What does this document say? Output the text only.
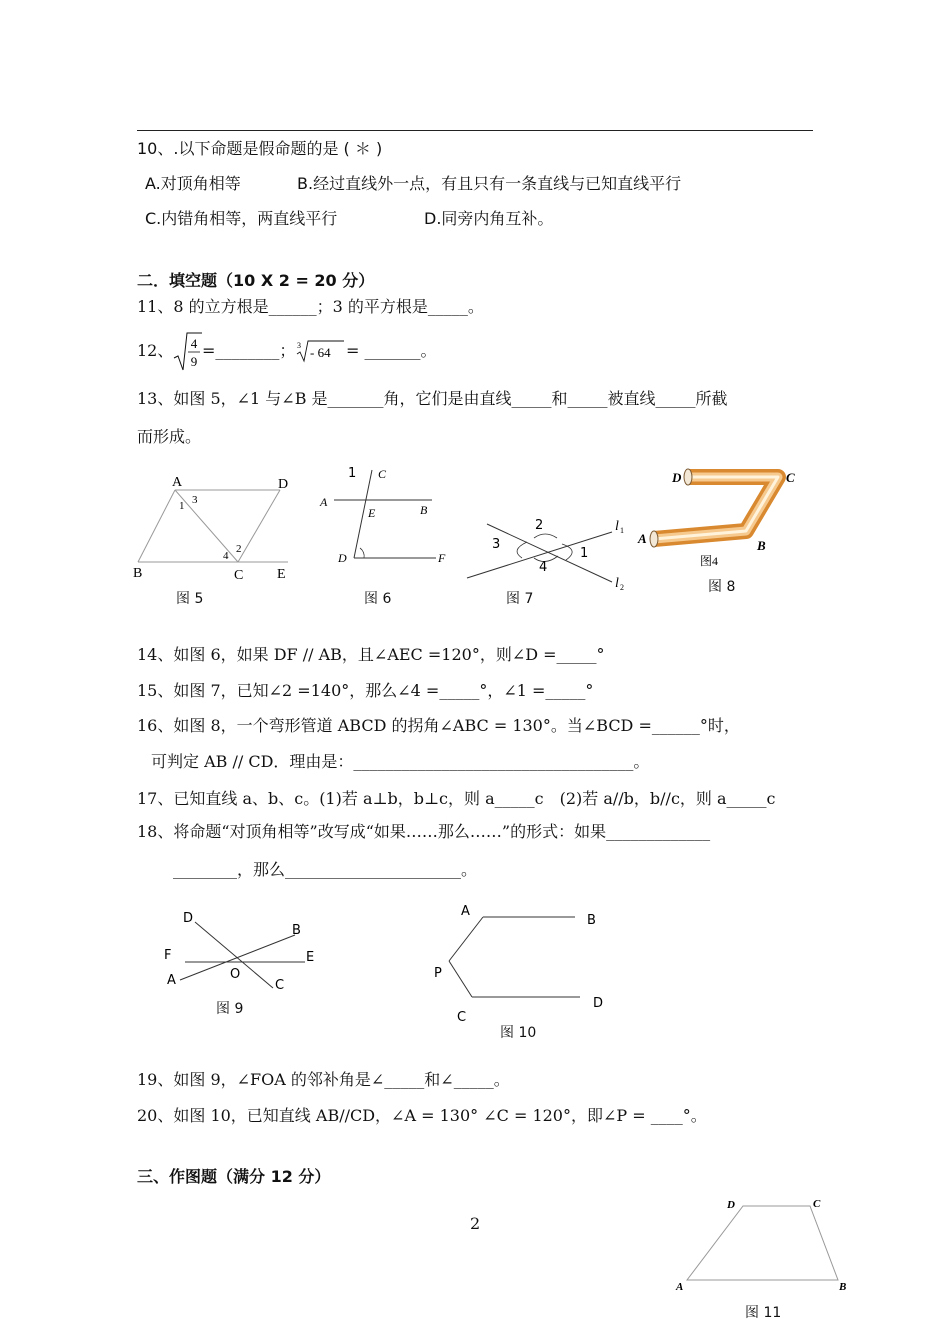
10、.以下命题是假命题的是 ( ＊ )
A.对顶角相等	B.经过直线外一点，有且只有一条直线与已知直线平行
C.内错角相等，两直线平行	D.同旁内角互补。
二．填空题（10 X 2 = 20 分）
11、8 的立方根是______；3 的平方根是_____。
12、 4
9
=________； 3 - 64 = _______。
13、如图 5，∠1 与∠B 是_______角，它们是由直线_____和_____被直线_____所截
而形成。
A	D
B	C E
1 3
2
4
图 5
1 C
A
B
E
D	F
图 6
2
3
1
4
l 1
l 2
图 7
D	C
A	B
图4
图 8
14、如图 6，如果 DF // AB，且∠AEC =120°，则∠D =_____°
15、如图 7，已知∠2 =140°，那么∠4 =_____°，∠1 =_____°
16、如图 8，一个弯形管道 ABCD 的拐角∠ABC = 130°。当∠BCD =______°时，
可判定 AB // CD．理由是：___________________________________。
17、已知直线 a、b、c。(1)若 a⊥b，b⊥c，则 a_____c　(2)若 a//b，b//c，则 a_____c
18、将命题“对顶角相等”改写成“如果……那么……”的形式：如果_____________
________，那么______________________。
D
B
F	E
A	O
C
图 9
A
B
P
C
D
图 10
19、如图 9，∠FOA 的邻补角是∠_____和∠_____。
20、如图 10，已知直线 AB//CD，∠A = 130° ∠C = 120°，即∠P = ____°。
三、作图题（满分 12 分）
2
D	C
A	B
图 11
